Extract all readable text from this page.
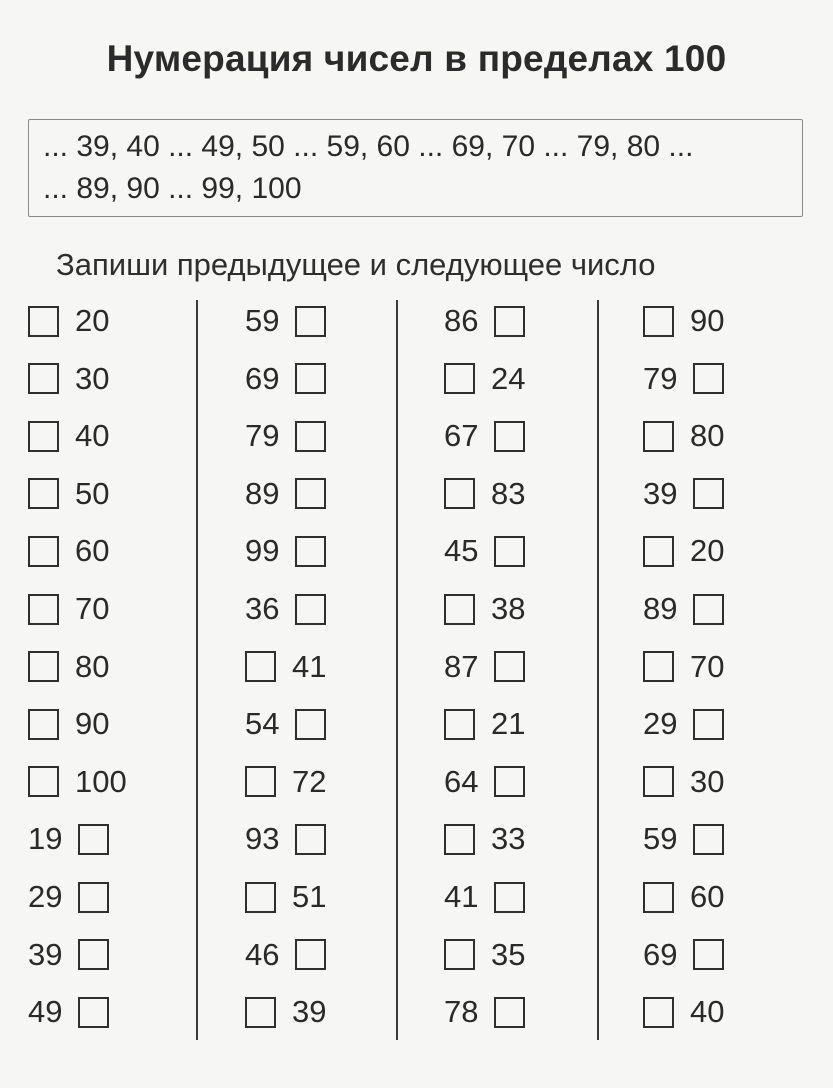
Нумерация чисел в пределах 100
... 39, 40 ... 49, 50 ... 59, 60 ... 69, 70 ... 79, 80 ...
... 89, 90 ... 99, 100
Запиши предыдущее и следующее число
20
30
40
50
60
70
80
90
100
19
29
39
49
59
69
79
89
99
36
41
54
72
93
51
46
39
86
24
67
83
45
38
87
21
64
33
41
35
78
90
79
80
39
20
89
70
29
30
59
60
69
40
